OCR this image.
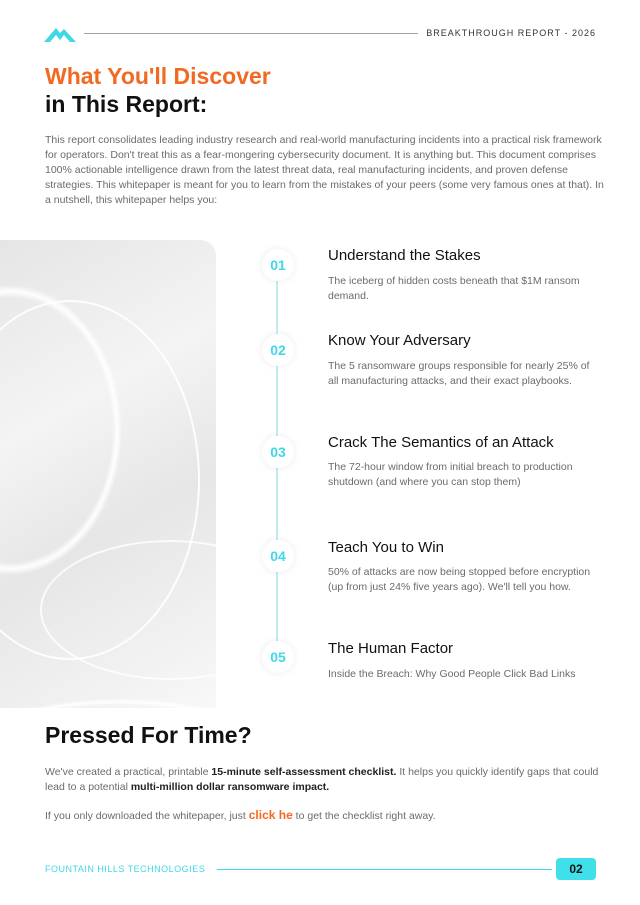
BREAKTHROUGH REPORT - 2026
What You'll Discover
in This Report:

This report consolidates leading industry research and real-world manufacturing incidents into a practical risk framework for operators. Don't treat this as a fear-mongering cybersecurity document. It is anything but. This document comprises 100% actionable intelligence drawn from the latest threat data, real manufacturing incidents, and proven defense strategies. This whitepaper is meant for you to learn from the mistakes of your peers (some very famous ones at that). In a nutshell, this whitepaper helps you:

01
Understand the Stakes
The iceberg of hidden costs beneath that $1M ransom demand.
02
Know Your Adversary
The 5 ransomware groups responsible for nearly 25% of all manufacturing attacks, and their exact playbooks.
03
Crack The Semantics of an Attack
The 72-hour window from initial breach to production shutdown (and where you can stop them)
04	Teach You to Win
50% of attacks are now being stopped before encryption (up from just 24% five years ago). We'll tell you how.
05	The Human Factor
Inside the Breach: Why Good People Click Bad Links
Pressed For Time?

We've created a practical, printable 15-minute self-assessment checklist. It helps you quickly identify gaps that could lead to a potential multi-million dollar ransomware impact.

If you only downloaded the whitepaper, just click he to get the checklist right away.

FOUNTAIN HILLS TECHNOLOGIES	02
